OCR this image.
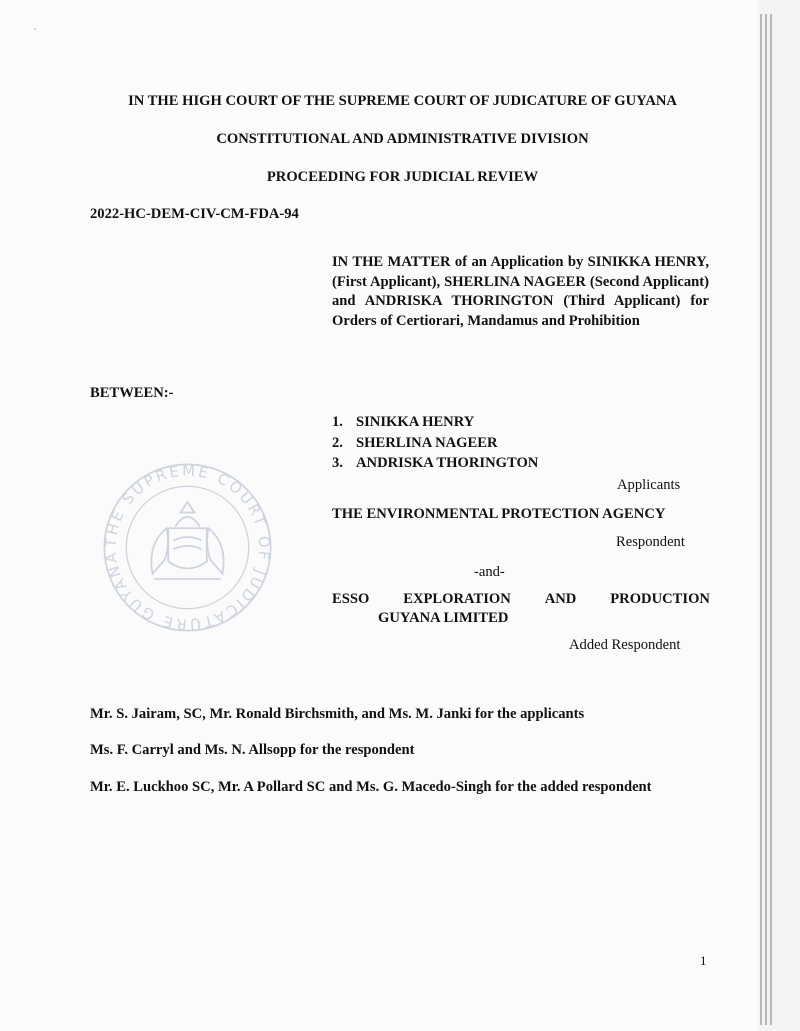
IN THE HIGH COURT OF THE SUPREME COURT OF JUDICATURE OF GUYANA

CONSTITUTIONAL AND ADMINISTRATIVE DIVISION

PROCEEDING FOR JUDICIAL REVIEW

2022-HC-DEM-CIV-CM-FDA-94

IN THE MATTER of an Application by SINIKKA HENRY, (First Applicant), SHERLINA NAGEER (Second Applicant) and ANDRISKA THORINGTON (Third Applicant) for Orders of Certiorari, Mandamus and Prohibition

BETWEEN:-

1. SINIKKA HENRY
2. SHERLINA NAGEER
3. ANDRISKA THORINGTON
THE SUPREME COURT OF JUDICATURE GUYANA

Applicants

THE ENVIRONMENTAL PROTECTION AGENCY

Respondent

-and-

ESSO EXPLORATION AND PRODUCTION

GUYANA LIMITED

Added Respondent

Mr. S. Jairam, SC, Mr. Ronald Birchsmith, and Ms. M. Janki for the applicants

Ms. F. Carryl and Ms. N. Allsopp for the respondent

Mr. E. Luckhoo SC, Mr. A Pollard SC and Ms. G. Macedo-Singh for the added respondent

1
